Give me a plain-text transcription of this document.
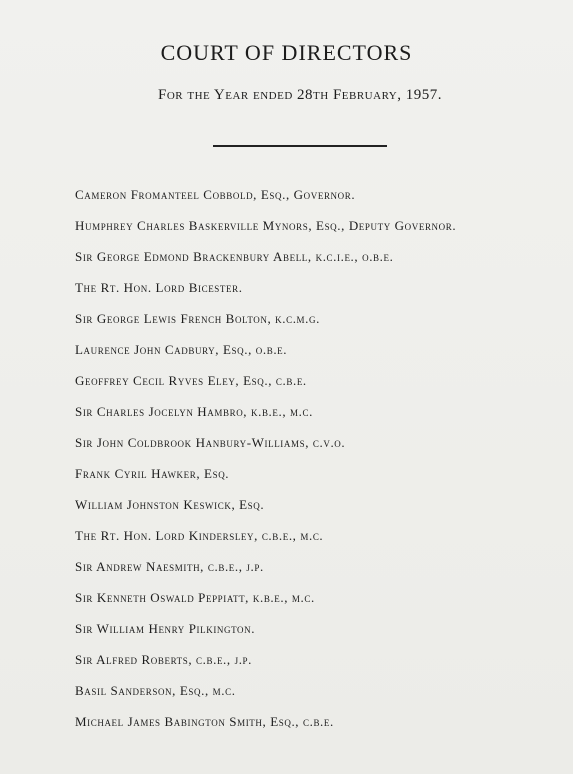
COURT OF DIRECTORS

For the Year ended 28th February, 1957.

Cameron Fromanteel Cobbold, Esq., Governor.
Humphrey Charles Baskerville Mynors, Esq., Deputy Governor.
Sir George Edmond Brackenbury Abell, k.c.i.e., o.b.e.
The Rt. Hon. Lord Bicester.
Sir George Lewis French Bolton, k.c.m.g.
Laurence John Cadbury, Esq., o.b.e.
Geoffrey Cecil Ryves Eley, Esq., c.b.e.
Sir Charles Jocelyn Hambro, k.b.e., m.c.
Sir John Coldbrook Hanbury-Williams, c.v.o.
Frank Cyril Hawker, Esq.
William Johnston Keswick, Esq.
The Rt. Hon. Lord Kindersley, c.b.e., m.c.
Sir Andrew Naesmith, c.b.e., j.p.
Sir Kenneth Oswald Peppiatt, k.b.e., m.c.
Sir William Henry Pilkington.
Sir Alfred Roberts, c.b.e., j.p.
Basil Sanderson, Esq., m.c.
Michael James Babington Smith, Esq., c.b.e.
